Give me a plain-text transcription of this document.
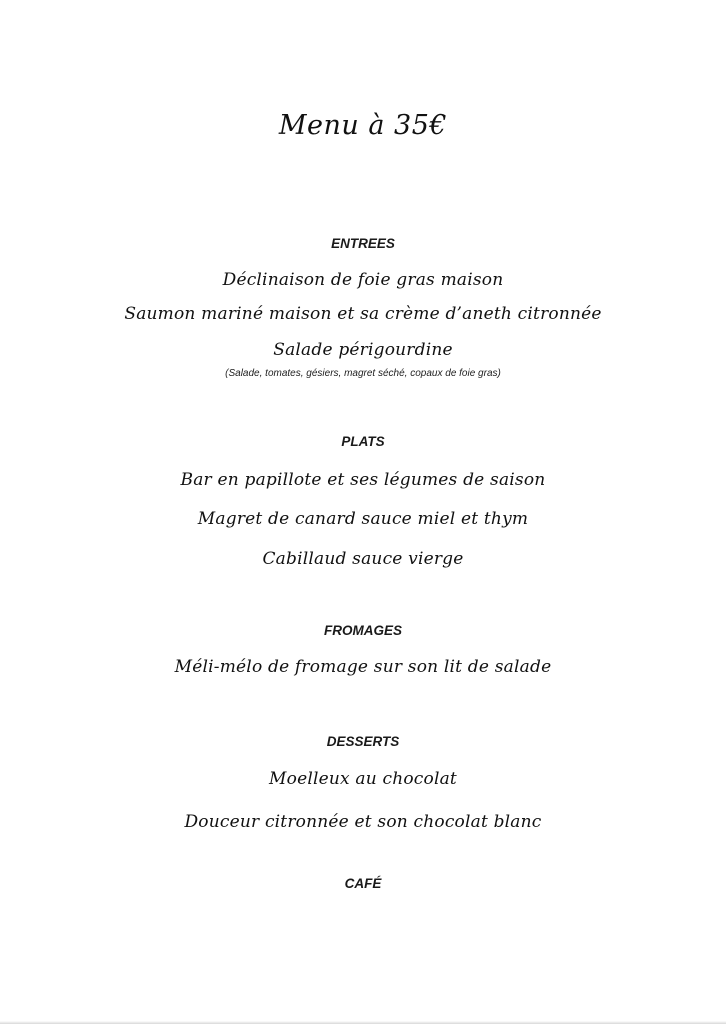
Menu à 35€
ENTREES
Déclinaison de foie gras maison
Saumon mariné maison et sa crème d’aneth citronnée
Salade périgourdine
(Salade, tomates, gésiers, magret séché, copaux de foie gras)
PLATS
Bar en papillote et ses légumes de saison
Magret de canard sauce miel et thym
Cabillaud sauce vierge
FROMAGES
Méli-mélo de fromage sur son lit de salade
DESSERTS
Moelleux au chocolat
Douceur citronnée et son chocolat blanc
CAFÉ
